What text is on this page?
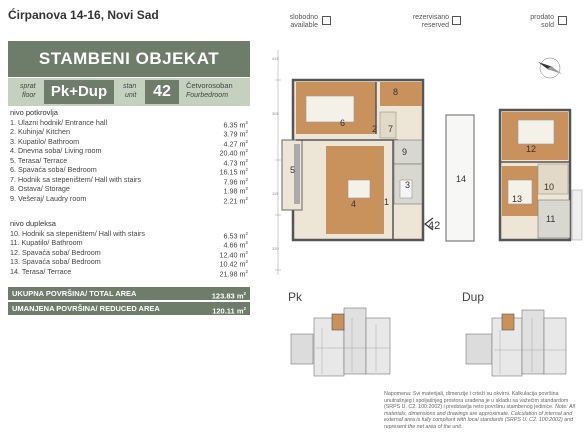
Ćirpanova 14-16, Novi Sad
STAMBENI OBJEKAT
sprat
floor	Pk+Dup	stan
unit	42	Četvorosoban
Fourbedroom
nivo potkrovlja
1. Ulazni hodnik/ Entrance hall	6.35 $m^2$
2. Kuhinja/ Kitchen	3.79 $m^2$
3. Kupatilo/ Bathroom	4.27 $m^2$
4. Dnevna soba/ Living room	20.40 $m^2$
5. Terasa/ Terrace	4.73 $m^2$
6. Spavaća soba/ Bedroom	16.15 $m^2$
7. Hodnik sa stepeništem/ Hall with stairs	7.96 $m^2$
8. Ostava/ Storage	1.98 $m^2$
9. Vešeraj/ Laudry room	2.21 $m^2$
nivo dupleksa
10. Hodnik sa stepeništem/ Hall with stairs	6.53 $m^2$
11. Kupatilo/ Bathroom	4.66 $m^2$
12. Spavaća soba/ Bedroom	12.40 $m^2$
13. Spavaća soba/ Bedroom	10.42 $m^2$
14. Terasa/ Terrace	21.98 $m^2$
UKUPNA POVRŠINA/ TOTAL AREA	123.83 $m^2$
UMANJENA POVRŠINA/ REDUCED AREA	120.11 $m^2$
slobodno
available
rezervisano
reserved
prodato
sold
415
305
115
320
6
2
8
7
9
5
4	1
3
42
14
12
10
13
11
Pk	Dup
Napomena: Svi materijali, dimenzije i crteži su okvirni. Kalkulacija površina unutrašnjeg i spoljašnjeg prostora urađena je u skladu sa važećim standardom (SRPS U. C2. 100:2002) i predstavlja neto površinu stambenog jedinice. Note: All materials, dimensions and drawings are approximate. Calculation of internal and external area is fully compliant with local standards (SRPS U. C2. 100:2002) and represent the net area of the unit.
